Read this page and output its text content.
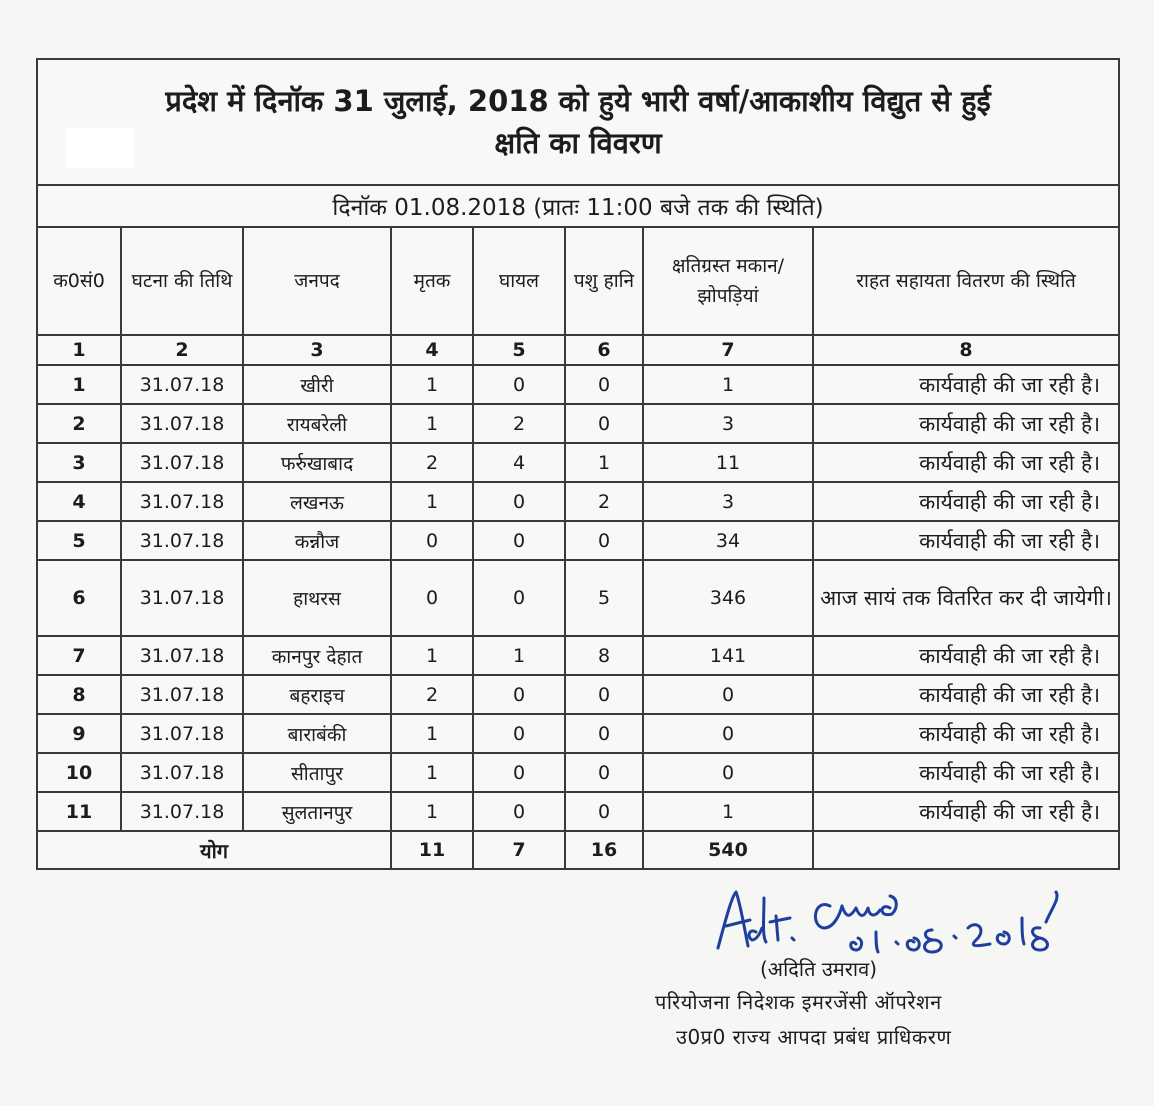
प्रदेश में दिनॉक 31 जुलाई, 2018 को हुये भारी वर्षा/आकाशीय विद्युत से हुई
क्षति का विवरण							

दिनॉक 01.08.2018 (प्रातः 11:00 बजे तक की स्थिति)							
क0सं0	घटना की तिथि	जनपद	मृतक	घायल	पशु हानि	क्षतिग्रस्त मकान/ झोपड़ियां	राहत सहायता वितरण की स्थिति
1	2	3	4	5	6	7	8
1	31.07.18	खीरी	1	0	0	1	कार्यवाही की जा रही है।
2	31.07.18	रायबरेली	1	2	0	3	कार्यवाही की जा रही है।
3	31.07.18	फर्रुखाबाद	2	4	1	11	कार्यवाही की जा रही है।
4	31.07.18	लखनऊ	1	0	2	3	कार्यवाही की जा रही है।
5	31.07.18	कन्नौज	0	0	0	34	कार्यवाही की जा रही है।
6	31.07.18	हाथरस	0	0	5	346	आज सायं तक वितरित कर दी जायेगी।
7	31.07.18	कानपुर देहात	1	1	8	141	कार्यवाही की जा रही है।
8	31.07.18	बहराइच	2	0	0	0	कार्यवाही की जा रही है।
9	31.07.18	बाराबंकी	1	0	0	0	कार्यवाही की जा रही है।
10	31.07.18	सीतापुर	1	0	0	0	कार्यवाही की जा रही है।
11	31.07.18	सुलतानपुर	1	0	0	1	कार्यवाही की जा रही है।
योग			11	7	16	540	
(अदिति उमराव)
परियोजना निदेशक इमरजेंसी ऑपरेशन
उ0प्र0 राज्य आपदा प्रबंध प्राधिकरण
